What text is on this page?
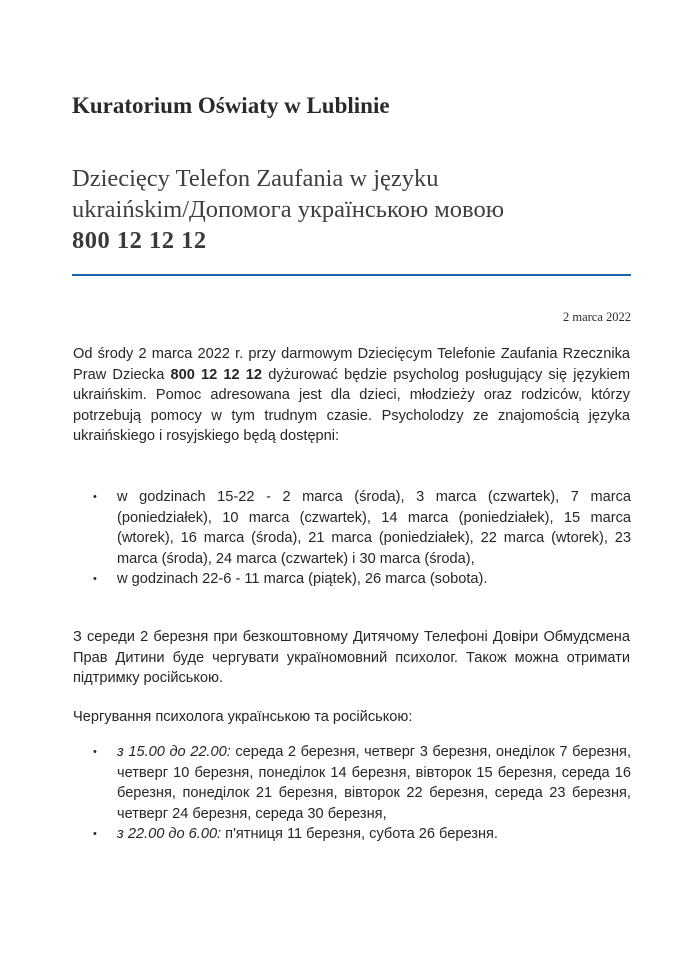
Kuratorium Oświaty w Lublinie
Dziecięcy Telefon Zaufania w języku
ukraińskim/Допомога українською мовою
800 12 12 12
2 marca 2022

Od środy 2 marca 2022 r. przy darmowym Dziecięcym Telefonie Zaufania Rzecznika Praw Dziecka 800 12 12 12 dyżurować będzie psycholog posługujący się językiem ukraińskim. Pomoc adresowana jest dla dzieci, młodzieży oraz rodziców, którzy potrzebują pomocy w tym trudnym czasie. Psycholodzy ze znajomością języka ukraińskiego i rosyjskiego będą dostępni:

• w godzinach 15-22 - 2 marca (środa), 3 marca (czwartek), 7 marca (poniedziałek), 10 marca (czwartek), 14 marca (poniedziałek), 15 marca (wtorek), 16 marca (środa), 21 marca (poniedziałek), 22 marca (wtorek), 23 marca (środa), 24 marca (czwartek) i 30 marca (środa),
• w godzinach 22-6 - 11 marca (piątek), 26 marca (sobota).

З середи 2 березня при безкоштовному Дитячому Телефоні Довіри Обмудсмена Прав Дитини буде чергувати україномовний психолог. Також можна отримати підтримку російською.

Чергування психолога українською та російською:

• з 15.00 до 22.00: середа 2 березня, четверг 3 березня, онеділок 7 березня, четверг 10 березня, понеділок 14 березня, вівторок 15 березня, середа 16 березня, понеділок 21 березня, вівторок 22 березня, середа 23 березня, четверг 24 березня, середа 30 березня,
• з 22.00 до 6.00: п'ятниця 11 березня, субота 26 березня.
